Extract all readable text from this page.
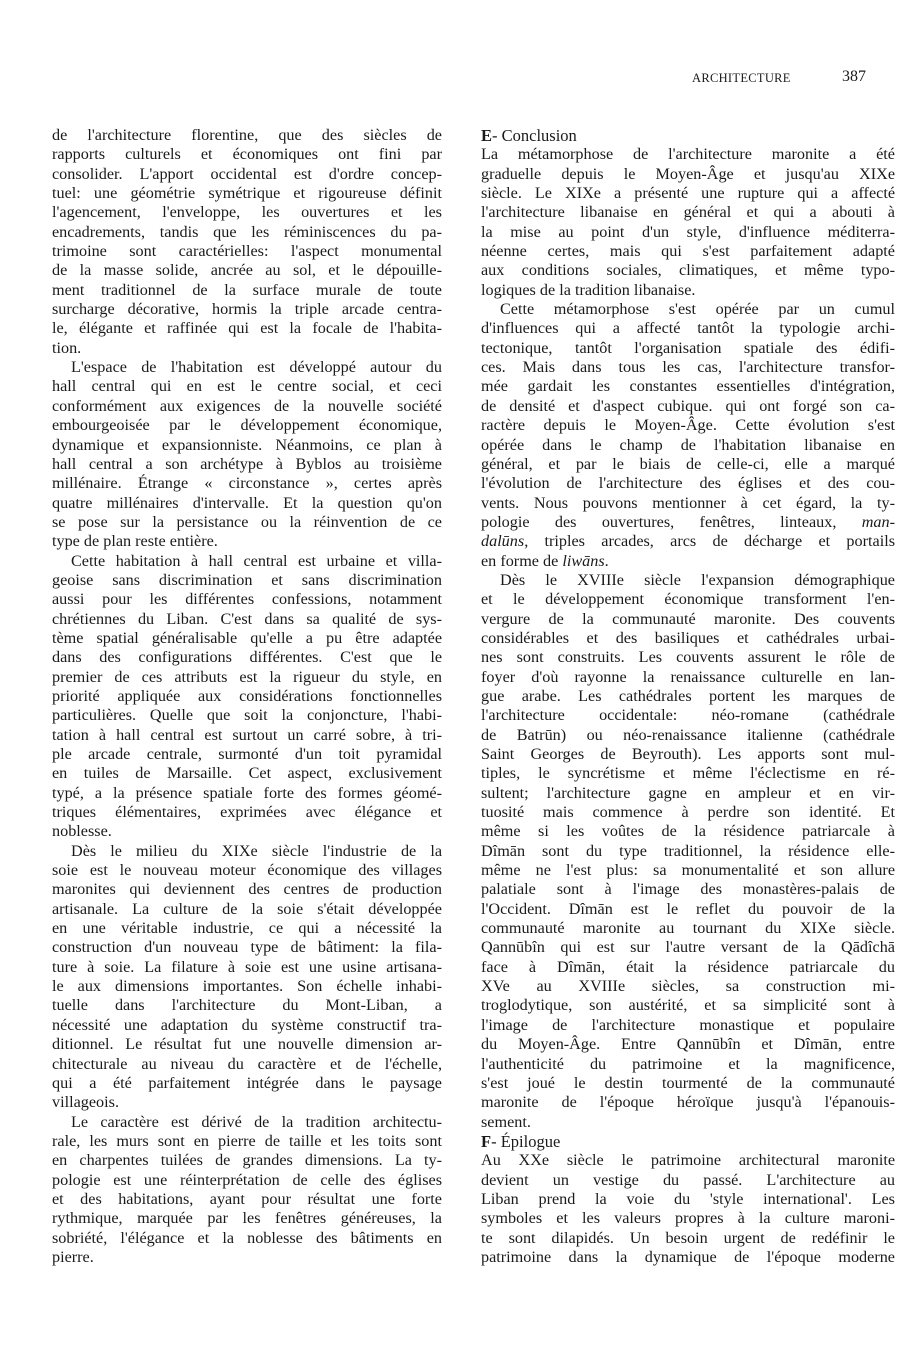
ARCHITECTURE	387
de l'architecture florentine, que des siècles de
rapports culturels et économiques ont fini par
consolider. L'apport occidental est d'ordre concep-
tuel: une géométrie symétrique et rigoureuse définit
l'agencement, l'enveloppe, les ouvertures et les
encadrements, tandis que les réminiscences du pa-
trimoine sont caractérielles: l'aspect monumental
de la masse solide, ancrée au sol, et le dépouille-
ment traditionnel de la surface murale de toute
surcharge décorative, hormis la triple arcade centra-
le, élégante et raffinée qui est la focale de l'habita-
tion.
L'espace de l'habitation est développé autour du
hall central qui en est le centre social, et ceci
conformément aux exigences de la nouvelle société
embourgeoisée par le développement économique,
dynamique et expansionniste. Néanmoins, ce plan à
hall central a son archétype à Byblos au troisième
millénaire. Étrange « circonstance », certes après
quatre millénaires d'intervalle. Et la question qu'on
se pose sur la persistance ou la réinvention de ce
type de plan reste entière.
Cette habitation à hall central est urbaine et villa-
geoise sans discrimination et sans discrimination
aussi pour les différentes confessions, notamment
chrétiennes du Liban. C'est dans sa qualité de sys-
tème spatial généralisable qu'elle a pu être adaptée
dans des configurations différentes. C'est que le
premier de ces attributs est la rigueur du style, en
priorité appliquée aux considérations fonctionnelles
particulières. Quelle que soit la conjoncture, l'habi-
tation à hall central est surtout un carré sobre, à tri-
ple arcade centrale, surmonté d'un toit pyramidal
en tuiles de Marsaille. Cet aspect, exclusivement
typé, a la présence spatiale forte des formes géomé-
triques élémentaires, exprimées avec élégance et
noblesse.
Dès le milieu du XIXe siècle l'industrie de la
soie est le nouveau moteur économique des villages
maronites qui deviennent des centres de production
artisanale. La culture de la soie s'était développée
en une véritable industrie, ce qui a nécessité la
construction d'un nouveau type de bâtiment: la fila-
ture à soie. La filature à soie est une usine artisana-
le aux dimensions importantes. Son échelle inhabi-
tuelle dans l'architecture du Mont-Liban, a
nécessité une adaptation du système constructif tra-
ditionnel. Le résultat fut une nouvelle dimension ar-
chitecturale au niveau du caractère et de l'échelle,
qui a été parfaitement intégrée dans le paysage
villageois.
Le caractère est dérivé de la tradition architectu-
rale, les murs sont en pierre de taille et les toits sont
en charpentes tuilées de grandes dimensions. La ty-
pologie est une réinterprétation de celle des églises
et des habitations, ayant pour résultat une forte
rythmique, marquée par les fenêtres généreuses, la
sobriété, l'élégance et la noblesse des bâtiments en
pierre.
E- Conclusion
La métamorphose de l'architecture maronite a été
graduelle depuis le Moyen-Âge et jusqu'au XIXe
siècle. Le XIXe a présenté une rupture qui a affecté
l'architecture libanaise en général et qui a abouti à
la mise au point d'un style, d'influence méditerra-
néenne certes, mais qui s'est parfaitement adapté
aux conditions sociales, climatiques, et même typo-
logiques de la tradition libanaise.
Cette métamorphose s'est opérée par un cumul
d'influences qui a affecté tantôt la typologie archi-
tectonique, tantôt l'organisation spatiale des édifi-
ces. Mais dans tous les cas, l'architecture transfor-
mée gardait les constantes essentielles d'intégration,
de densité et d'aspect cubique. qui ont forgé son ca-
ractère depuis le Moyen-Âge. Cette évolution s'est
opérée dans le champ de l'habitation libanaise en
général, et par le biais de celle-ci, elle a marqué
l'évolution de l'architecture des églises et des cou-
vents. Nous pouvons mentionner à cet égard, la ty-
pologie des ouvertures, fenêtres, linteaux, man-
dalūns, triples arcades, arcs de décharge et portails
en forme de liwāns.
Dès le XVIIIe siècle l'expansion démographique
et le développement économique transforment l'en-
vergure de la communauté maronite. Des couvents
considérables et des basiliques et cathédrales urbai-
nes sont construits. Les couvents assurent le rôle de
foyer d'où rayonne la renaissance culturelle en lan-
gue arabe. Les cathédrales portent les marques de
l'architecture occidentale: néo-romane (cathédrale
de Batrūn) ou néo-renaissance italienne (cathédrale
Saint Georges de Beyrouth). Les apports sont mul-
tiples, le syncrétisme et même l'éclectisme en ré-
sultent; l'architecture gagne en ampleur et en vir-
tuosité mais commence à perdre son identité. Et
même si les voûtes de la résidence patriarcale à
Dîmān sont du type traditionnel, la résidence elle-
même ne l'est plus: sa monumentalité et son allure
palatiale sont à l'image des monastères-palais de
l'Occident. Dîmān est le reflet du pouvoir de la
communauté maronite au tournant du XIXe siècle.
Qannūbîn qui est sur l'autre versant de la Qādîchā
face à Dîmān, était la résidence patriarcale du
XVe au XVIIIe siècles, sa construction mi-
troglodytique, son austérité, et sa simplicité sont à
l'image de l'architecture monastique et populaire
du Moyen-Âge. Entre Qannūbîn et Dîmān, entre
l'authenticité du patrimoine et la magnificence,
s'est joué le destin tourmenté de la communauté
maronite de l'époque héroïque jusqu'à l'épanouis-
sement.
F- Épilogue
Au XXe siècle le patrimoine architectural maronite
devient un vestige du passé. L'architecture au
Liban prend la voie du 'style international'. Les
symboles et les valeurs propres à la culture maroni-
te sont dilapidés. Un besoin urgent de redéfinir le
patrimoine dans la dynamique de l'époque moderne
